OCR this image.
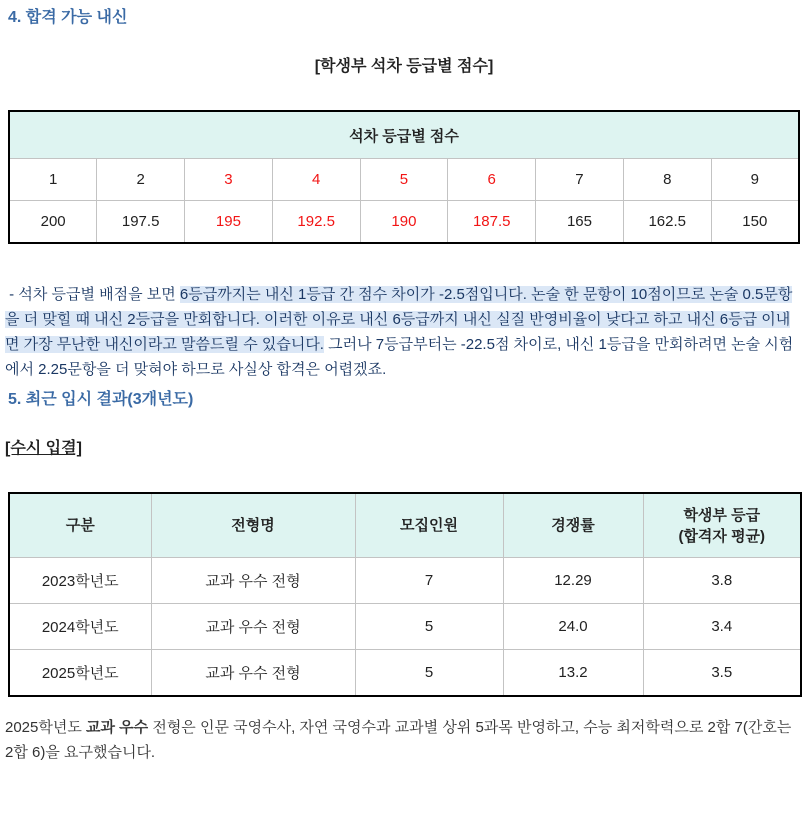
4. 합격 가능 내신
[학생부 석차 등급별 점수]
석차 등급별 점수								
1	2	3	4	5	6	7	8	9
200	197.5	195	192.5	190	187.5	165	162.5	150
- 석차 등급별 배점을 보면 6등급까지는 내신 1등급 간 점수 차이가 -2.5점입니다. 논술 한 문항이 10점이므로 논술 0.5문항을 더 맞힐 때 내신 2등급을 만회합니다. 이러한 이유로 내신 6등급까지 내신 실질 반영비율이 낮다고 하고 내신 6등급 이내면 가장 무난한 내신이라고 말씀드릴 수 있습니다. 그러나 7등급부터는 -22.5점 차이로, 내신 1등급을 만회하려면 논술 시험에서 2.25문항을 더 맞혀야 하므로 사실상 합격은 어렵겠죠.
5. 최근 입시 결과(3개년도)
[수시 입결]
구분	전형명	모집인원	경쟁률	학생부 등급
(합격자 평균)
2023학년도	교과 우수 전형	7	12.29	3.8
2024학년도	교과 우수 전형	5	24.0	3.4
2025학년도	교과 우수 전형	5	13.2	3.5
2025학년도 교과 우수 전형은 인문 국영수사, 자연 국영수과 교과별 상위 5과목 반영하고, 수능 최저학력으로 2합 7(간호는 2합 6)을 요구했습니다.
